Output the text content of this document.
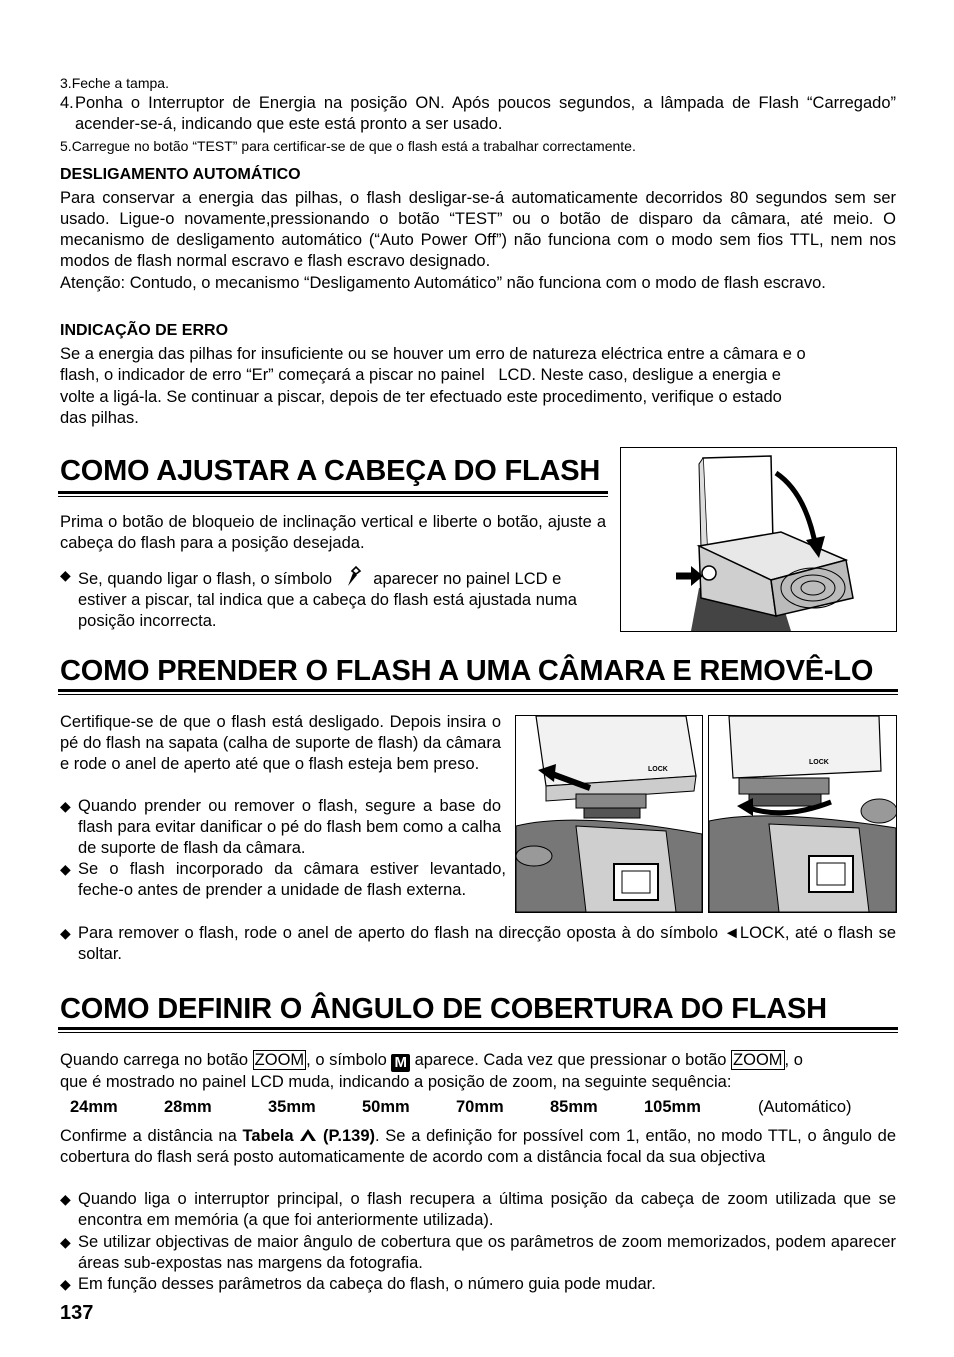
3.Feche a tampa.
4. Ponha o Interruptor de Energia na posição ON. Após poucos segundos, a lâmpada de Flash “Carregado” acender-se-á, indicando que este está pronto a ser usado.
5.Carregue no botão “TEST” para certificar-se de que o flash está a trabalhar correctamente.
DESLIGAMENTO AUTOMÁTICO
Para conservar a energia das pilhas, o flash desligar-se-á automaticamente decorridos 80 segundos sem ser usado. Ligue-o novamente,pressionando o botão “TEST” ou o botão de disparo da câmara, até meio. O mecanismo de desligamento automático (“Auto Power Off”) não funciona com o modo sem fios TTL, nem nos modos de flash normal escravo e flash escravo designado.
Atenção: Contudo, o mecanismo “Desligamento Automático” não funciona com o modo de flash escravo.
INDICAÇÃO DE ERRO
Se a energia das pilhas for insuficiente ou se houver um erro de natureza eléctrica entre a câmara e o
flash, o indicador de erro “Er” começará a piscar no painel   LCD. Neste caso, desligue a energia e
volte a ligá-la. Se continuar a piscar, depois de ter efectuado este procedimento, verifique o estado
das pilhas.
COMO AJUSTAR A CABEÇA DO FLASH
Prima o botão de bloqueio de inclinação vertical e liberte o botão, ajuste a cabeça do flash para a posição desejada.
◆ Se, quando ligar o flash, o símbolo aparecer no painel LCD e estiver a piscar, tal indica que a cabeça do flash está ajustada numa posição incorrecta.
COMO PRENDER O FLASH A UMA CÂMARA E REMOVÊ-LO
Certifique-se de que o flash está desligado. Depois insira o pé do flash na sapata (calha de suporte de flash) da câmara e rode o anel de aperto até que o flash esteja bem preso.
◆ Quando prender ou remover o flash, segure a base do flash para evitar danificar o pé do flash bem como a calha de suporte de flash da câmara.
◆ Se o flash incorporado da câmara estiver levantado, feche-o antes de prender a unidade de flash externa.
◆ Para remover o flash, rode o anel de aperto do flash na direcção oposta à do símbolo ◄LOCK, até o flash se soltar.
LOCK
LOCK
COMO DEFINIR O ÂNGULO DE COBERTURA DO FLASH
Quando carrega no botão ZOOM , o símbolo M aparece. Cada vez que pressionar o botão ZOOM , o
que é mostrado no painel LCD muda, indicando a posição de zoom, na seguinte sequência:
24mm	28mm	35mm	50mm	70mm	85mm	105mm	(Automático)
Confirme a distância na Tabela (P.139). Se a definição for possível com 1, então, no modo TTL, o ângulo de cobertura do flash será posto automaticamente de acordo com a distância focal da sua objectiva
◆ Quando liga o interruptor principal, o flash recupera a última posição da cabeça de zoom utilizada que se encontra em memória (a que foi anteriormente utilizada).
◆ Se utilizar objectivas de maior ângulo de cobertura que os parâmetros de zoom memorizados, podem aparecer áreas sub-expostas nas margens da fotografia.
◆ Em função desses parâmetros da cabeça do flash, o número guia pode mudar.
137
